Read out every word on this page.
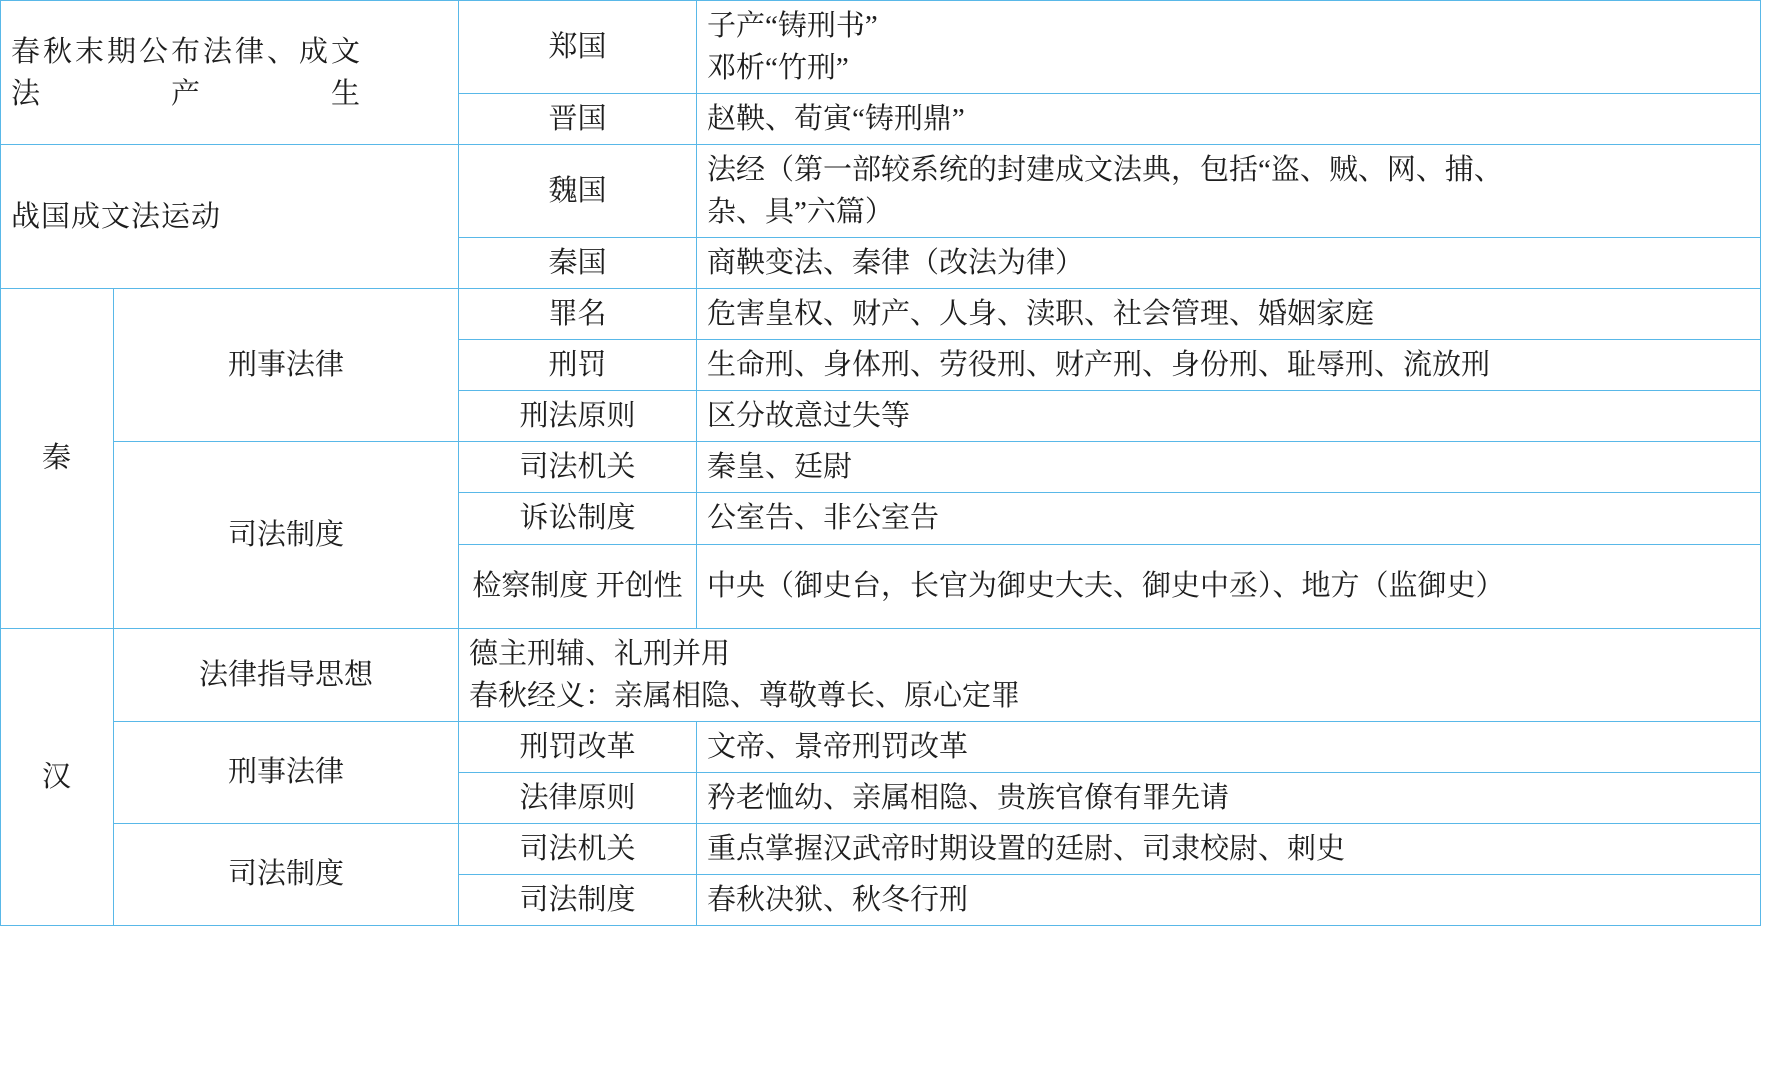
春秋末期公布法律、成文法产生		郑国	子产“铸刑书”
邓析“竹刑”

		晋国	赵鞅、荀寅“铸刑鼎”
战国成文法运动		魏国	法经（第一部较系统的封建成文法典，包括“盗、贼、网、捕、
杂、具”六篇）

		秦国	商鞅变法、秦律（改法为律）
秦	刑事法律	罪名	危害皇权、财产、人身、渎职、社会管理、婚姻家庭
		刑罚	生命刑、身体刑、劳役刑、财产刑、身份刑、耻辱刑、流放刑
		刑法原则	区分故意过失等
	司法制度	司法机关	秦皇、廷尉
		诉讼制度	公室告、非公室告
		检察制度 开创性	中央（御史台，长官为御史大夫、御史中丞）、地方（监御史）
汉	法律指导思想	德主刑辅、礼刑并用
春秋经义：亲属相隐、尊敬尊长、原心定罪	

	刑事法律	刑罚改革	文帝、景帝刑罚改革
		法律原则	矜老恤幼、亲属相隐、贵族官僚有罪先请
	司法制度	司法机关	重点掌握汉武帝时期设置的廷尉、司隶校尉、刺史
		司法制度	春秋决狱、秋冬行刑
